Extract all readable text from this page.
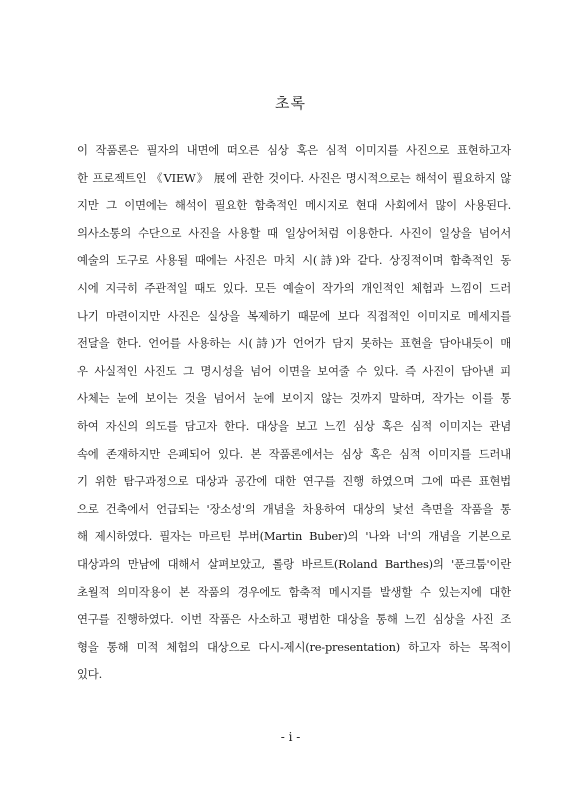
초록
이 작품론은 필자의 내면에 떠오른 심상 혹은 심적 이미지를 사진으로 표현하고자
한 프로젝트인 《VIEW》 展에 관한 것이다. 사진은 명시적으로는 해석이 필요하지 않
지만 그 이면에는 해석이 필요한 함축적인 메시지로 현대 사회에서 많이 사용된다.
의사소통의 수단으로 사진을 사용할 때 일상어처럼 이용한다. 사진이 일상을 넘어서
예술의 도구로 사용될 때에는 사진은 마치 시(詩)와 같다. 상징적이며 함축적인 동
시에 지극히 주관적일 때도 있다. 모든 예술이 작가의 개인적인 체험과 느낌이 드러
나기 마련이지만 사진은 실상을 복제하기 때문에 보다 직접적인 이미지로 메세지를
전달을 한다. 언어를 사용하는 시(詩)가 언어가 담지 못하는 표현을 담아내듯이 매
우 사실적인 사진도 그 명시성을 넘어 이면을 보여줄 수 있다. 즉 사진이 담아낸 피
사체는 눈에 보이는 것을 넘어서 눈에 보이지 않는 것까지 말하며, 작가는 이를 통
하여 자신의 의도를 담고자 한다. 대상을 보고 느낀 심상 혹은 심적 이미지는 관념
속에 존재하지만 은폐되어 있다. 본 작품론에서는 심상 혹은 심적 이미지를 드러내
기 위한 탐구과정으로 대상과 공간에 대한 연구를 진행 하였으며 그에 따른 표현법
으로 건축에서 언급되는 '장소성'의 개념을 차용하여 대상의 낯선 측면을 작품을 통
해 제시하였다. 필자는 마르틴 부버(Martin Buber)의 '나와 너'의 개념을 기본으로
대상과의 만남에 대해서 살펴보았고, 롤랑 바르트(Roland Barthes)의 '푼크툼'이란
초월적 의미작용이 본 작품의 경우에도 함축적 메시지를 발생할 수 있는지에 대한
연구를 진행하였다. 이번 작품은 사소하고 평범한 대상을 통해 느낀 심상을 사진 조
형을 통해 미적 체험의 대상으로 다시-제시(re-presentation) 하고자 하는 목적이
있다.
- i -
